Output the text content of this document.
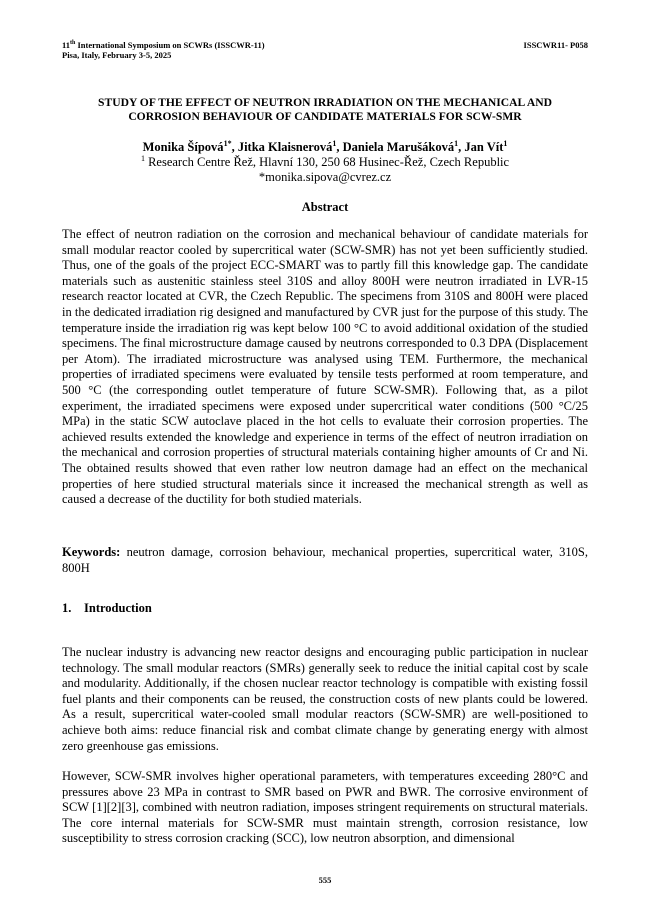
11th International Symposium on SCWRs (ISSCWR-11)
Pisa, Italy, February 3-5, 2025
ISSCWR11- P058
STUDY OF THE EFFECT OF NEUTRON IRRADIATION ON THE MECHANICAL AND CORROSION BEHAVIOUR OF CANDIDATE MATERIALS FOR SCW-SMR
Monika Šípová$^{1*}$, Jitka Klaisnerová$^1$, Daniela Marušáková$^1$, Jan Vít$^1$
$^1$ Research Centre Řež, Hlavní 130, 250 68 Husinec-Řež, Czech Republic
*monika.sipova@cvrez.cz
Abstract
The effect of neutron radiation on the corrosion and mechanical behaviour of candidate materials for small modular reactor cooled by supercritical water (SCW-SMR) has not yet been sufficiently studied. Thus, one of the goals of the project ECC-SMART was to partly fill this knowledge gap. The candidate materials such as austenitic stainless steel 310S and alloy 800H were neutron irradiated in LVR-15 research reactor located at CVR, the Czech Republic. The specimens from 310S and 800H were placed in the dedicated irradiation rig designed and manufactured by CVR just for the purpose of this study. The temperature inside the irradiation rig was kept below 100 °C to avoid additional oxidation of the studied specimens. The final microstructure damage caused by neutrons corresponded to 0.3 DPA (Displacement per Atom). The irradiated microstructure was analysed using TEM. Furthermore, the mechanical properties of irradiated specimens were evaluated by tensile tests performed at room temperature, and 500 °C (the corresponding outlet temperature of future SCW-SMR). Following that, as a pilot experiment, the irradiated specimens were exposed under supercritical water conditions (500 °C/25 MPa) in the static SCW autoclave placed in the hot cells to evaluate their corrosion properties. The achieved results extended the knowledge and experience in terms of the effect of neutron irradiation on the mechanical and corrosion properties of structural materials containing higher amounts of Cr and Ni. The obtained results showed that even rather low neutron damage had an effect on the mechanical properties of here studied structural materials since it increased the mechanical strength as well as caused a decrease of the ductility for both studied materials.
Keywords: neutron damage, corrosion behaviour, mechanical properties, supercritical water, 310S, 800H
1. Introduction
The nuclear industry is advancing new reactor designs and encouraging public participation in nuclear technology. The small modular reactors (SMRs) generally seek to reduce the initial capital cost by scale and modularity. Additionally, if the chosen nuclear reactor technology is compatible with existing fossil fuel plants and their components can be reused, the construction costs of new plants could be lowered. As a result, supercritical water-cooled small modular reactors (SCW-SMR) are well-positioned to achieve both aims: reduce financial risk and combat climate change by generating energy with almost zero greenhouse gas emissions.
However, SCW-SMR involves higher operational parameters, with temperatures exceeding 280°C and pressures above 23 MPa in contrast to SMR based on PWR and BWR. The corrosive environment of SCW [1][2][3], combined with neutron radiation, imposes stringent requirements on structural materials. The core internal materials for SCW-SMR must maintain strength, corrosion resistance, low susceptibility to stress corrosion cracking (SCC), low neutron absorption, and dimensional
555
